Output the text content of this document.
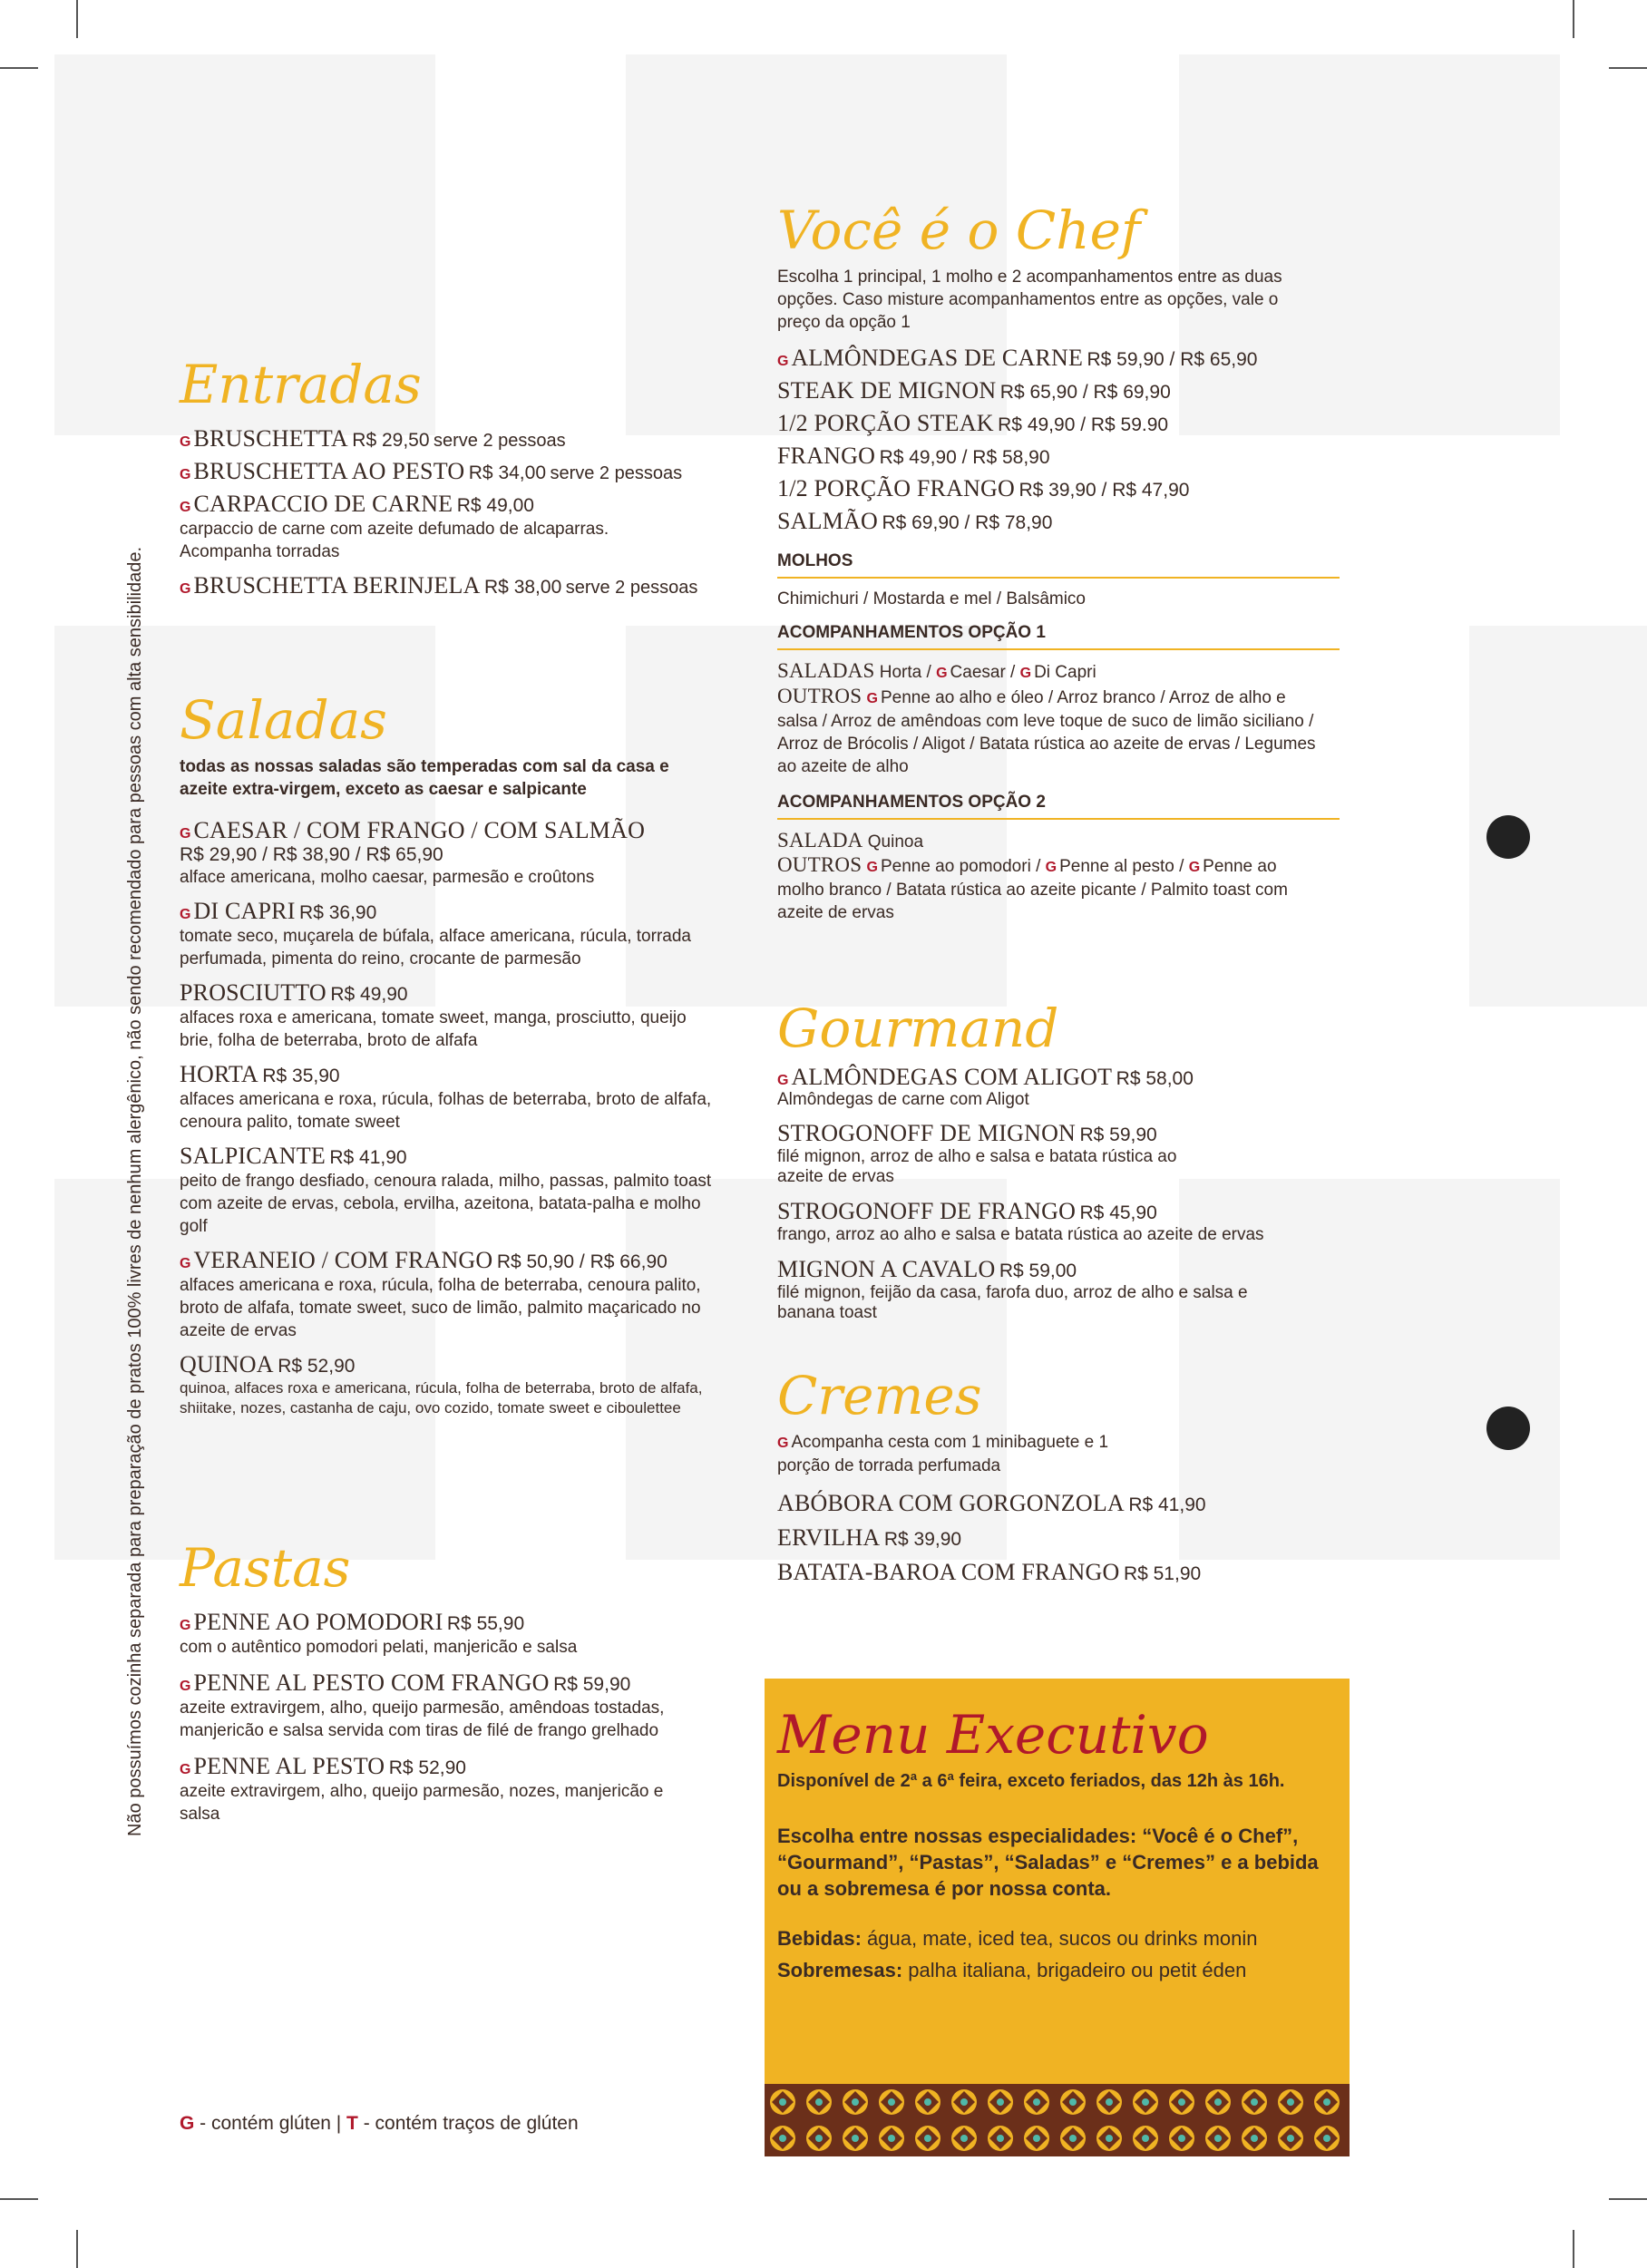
Não possuímos cozinha separada para preparação de pratos 100% livres de nenhum alergênico, não sendo recomendado para pessoas com alta sensibilidade.
Entradas
G BRUSCHETTA R$ 29,50 serve 2 pessoas
G BRUSCHETTA AO PESTO R$ 34,00 serve 2 pessoas
G CARPACCIO DE CARNE R$ 49,00
carpaccio de carne com azeite defumado de alcaparras. Acompanha torradas
G BRUSCHETTA BERINJELA R$ 38,00 serve 2 pessoas
Saladas
todas as nossas saladas são temperadas com sal da casa e azeite extra-virgem, exceto as caesar e salpicante
G CAESAR / COM FRANGO / COM SALMÃO
R$ 29,90 / R$ 38,90 / R$ 65,90
alface americana, molho caesar, parmesão e croûtons
G DI CAPRI R$ 36,90
tomate seco, muçarela de búfala, alface americana, rúcula, torrada perfumada, pimenta do reino, crocante de parmesão
PROSCIUTTO R$ 49,90
alfaces roxa e americana, tomate sweet, manga, prosciutto, queijo brie, folha de beterraba, broto de alfafa
HORTA R$ 35,90
alfaces americana e roxa, rúcula, folhas de beterraba, broto de alfafa, cenoura palito, tomate sweet
SALPICANTE R$ 41,90
peito de frango desfiado, cenoura ralada, milho, passas, palmito toast com azeite de ervas, cebola, ervilha, azeitona, batata-palha e molho golf
G VERANEIO / COM FRANGO R$ 50,90 / R$ 66,90
alfaces americana e roxa, rúcula, folha de beterraba, cenoura palito, broto de alfafa, tomate sweet, suco de limão, palmito maçaricado no azeite de ervas
QUINOA R$ 52,90
quinoa, alfaces roxa e americana, rúcula, folha de beterraba, broto de alfafa, shiitake, nozes, castanha de caju, ovo cozido, tomate sweet e ciboulettee
Pastas
G PENNE AO POMODORI R$ 55,90
com o autêntico pomodori pelati, manjericão e salsa
G PENNE AL PESTO COM FRANGO R$ 59,90
azeite extravirgem, alho, queijo parmesão, amêndoas tostadas, manjericão e salsa servida com tiras de filé de frango grelhado
G PENNE AL PESTO R$ 52,90
azeite extravirgem, alho, queijo parmesão, nozes, manjericão e salsa
G - contém glúten | T - contém traços de glúten
Você é o Chef
Escolha 1 principal, 1 molho e 2 acompanhamentos entre as duas opções. Caso misture acompanhamentos entre as opções, vale o preço da opção 1
G ALMÔNDEGAS DE CARNE R$ 59,90 / R$ 65,90
STEAK DE MIGNON R$ 65,90 / R$ 69,90
1/2 PORÇÃO STEAK R$ 49,90 / R$ 59.90
FRANGO R$ 49,90 / R$ 58,90
1/2 PORÇÃO FRANGO R$ 39,90 / R$ 47,90
SALMÃO R$ 69,90 / R$ 78,90
MOLHOS
Chimichuri / Mostarda e mel / Balsâmico
ACOMPANHAMENTOS OPÇÃO 1
SALADAS Horta / G Caesar / G Di Capri
OUTROS G Penne ao alho e óleo / Arroz branco / Arroz de alho e salsa / Arroz de amêndoas com leve toque de suco de limão siciliano / Arroz de Brócolis / Aligot / Batata rústica ao azeite de ervas / Legumes ao azeite de alho
ACOMPANHAMENTOS OPÇÃO 2
SALADA Quinoa
OUTROS G Penne ao pomodori / G Penne al pesto / G Penne ao molho branco / Batata rústica ao azeite picante / Palmito toast com azeite de ervas
Gourmand
G ALMÔNDEGAS COM ALIGOT R$ 58,00
Almôndegas de carne com Aligot
STROGONOFF DE MIGNON R$ 59,90
filé mignon, arroz de alho e salsa e batata rústica ao azeite de ervas
STROGONOFF DE FRANGO R$ 45,90
frango, arroz ao alho e salsa e batata rústica ao azeite de ervas
MIGNON A CAVALO R$ 59,00
filé mignon, feijão da casa, farofa duo, arroz de alho e salsa e banana toast
Cremes
G Acompanha cesta com 1 minibaguete e 1 porção de torrada perfumada
ABÓBORA COM GORGONZOLA R$ 41,90
ERVILHA R$ 39,90
BATATA-BAROA COM FRANGO R$ 51,90
Menu Executivo

Disponível de 2ª a 6ª feira, exceto feriados, das 12h às 16h.

Escolha entre nossas especialidades: “Você é o Chef”, “Gourmand”, “Pastas”, “Saladas” e “Cremes” e a bebida ou a sobremesa é por nossa conta.

Bebidas: água, mate, iced tea, sucos ou drinks monin

Sobremesas: palha italiana, brigadeiro ou petit éden
